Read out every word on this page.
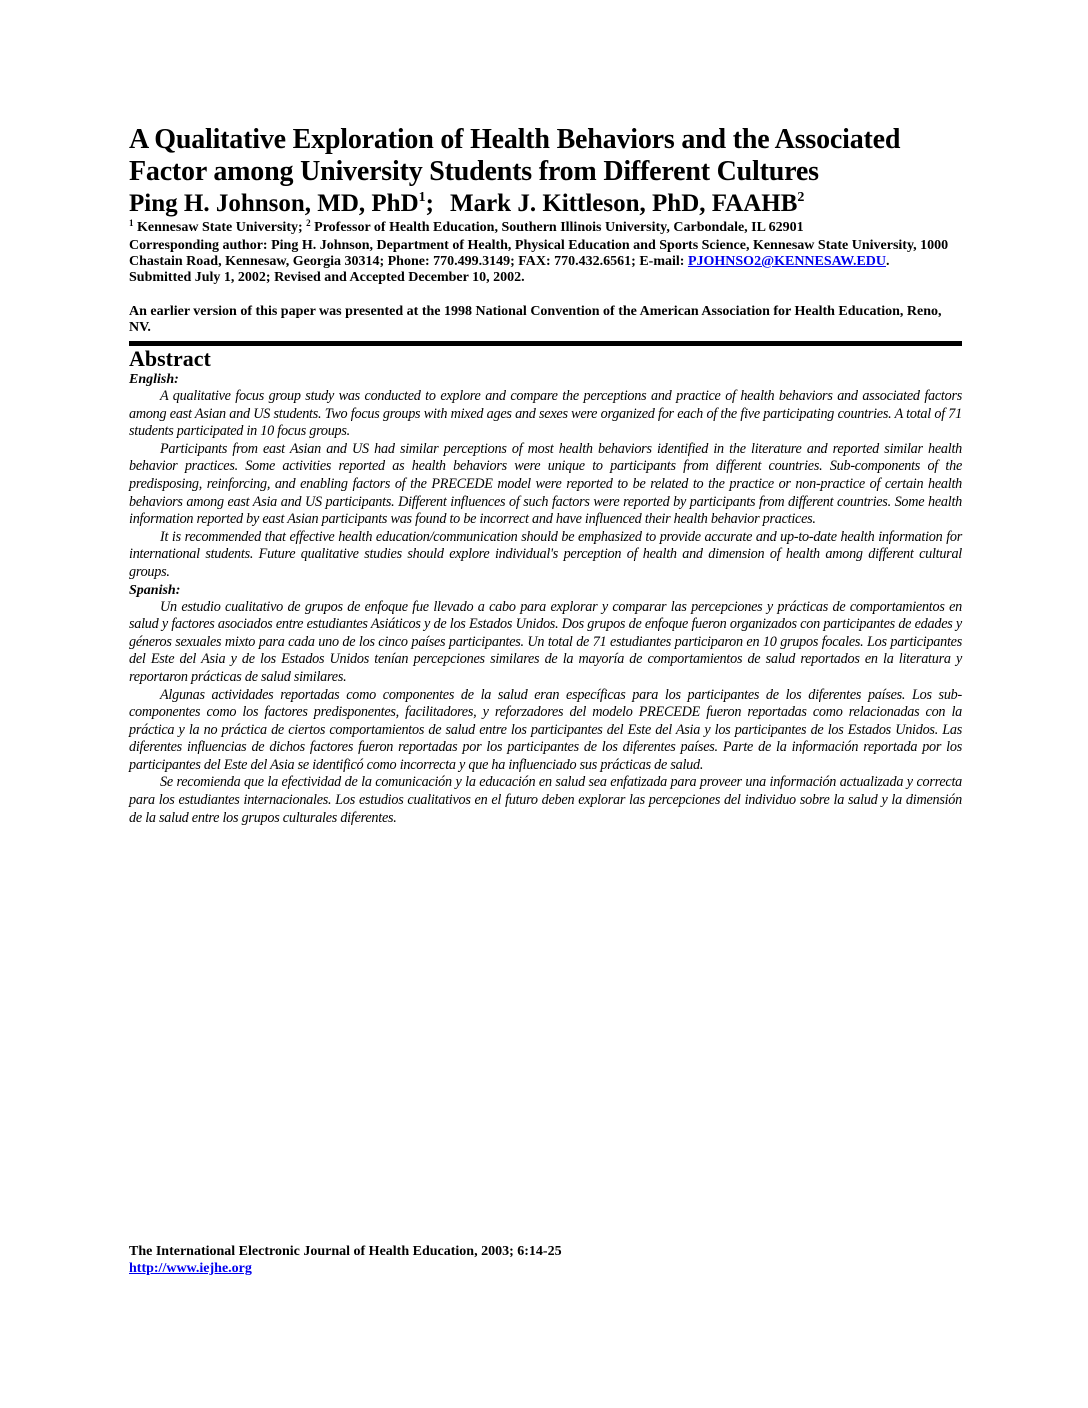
A Qualitative Exploration of Health Behaviors and the Associated Factor among University Students from Different Cultures
Ping H. Johnson, MD, PhD$^1$; Mark J. Kittleson, PhD, FAAHB$^2$
$^1$ Kennesaw State University; $^2$ Professor of Health Education, Southern Illinois University, Carbondale, IL 62901
Corresponding author: Ping H. Johnson, Department of Health, Physical Education and Sports Science, Kennesaw State University, 1000 Chastain Road, Kennesaw, Georgia 30314; Phone: 770.499.3149; FAX: 770.432.6561; E-mail: PJOHNSO2@KENNESAW.EDU.
Submitted July 1, 2002; Revised and Accepted December 10, 2002.
An earlier version of this paper was presented at the 1998 National Convention of the American Association for Health Education, Reno, NV.
Abstract
English:

A qualitative focus group study was conducted to explore and compare the perceptions and practice of health behaviors and associated factors among east Asian and US students. Two focus groups with mixed ages and sexes were organized for each of the five participating countries. A total of 71 students participated in 10 focus groups.

Participants from east Asian and US had similar perceptions of most health behaviors identified in the literature and reported similar health behavior practices. Some activities reported as health behaviors were unique to participants from different countries. Sub-components of the predisposing, reinforcing, and enabling factors of the PRECEDE model were reported to be related to the practice or non-practice of certain health behaviors among east Asia and US participants. Different influences of such factors were reported by participants from different countries. Some health information reported by east Asian participants was found to be incorrect and have influenced their health behavior practices.

It is recommended that effective health education/communication should be emphasized to provide accurate and up-to-date health information for international students. Future qualitative studies should explore individual's perception of health and dimension of health among different cultural groups.

Spanish:

Un estudio cualitativo de grupos de enfoque fue llevado a cabo para explorar y comparar las percepciones y prácticas de comportamientos en salud y factores asociados entre estudiantes Asiáticos y de los Estados Unidos. Dos grupos de enfoque fueron organizados con participantes de edades y géneros sexuales mixto para cada uno de los cinco países participantes. Un total de 71 estudiantes participaron en 10 grupos focales. Los participantes del Este del Asia y de los Estados Unidos tenían percepciones similares de la mayoría de comportamientos de salud reportados en la literatura y reportaron prácticas de salud similares.

Algunas actividades reportadas como componentes de la salud eran específicas para los participantes de los diferentes países. Los sub-componentes como los factores predisponentes, facilitadores, y reforzadores del modelo PRECEDE fueron reportadas como relacionadas con la práctica y la no práctica de ciertos comportamientos de salud entre los participantes del Este del Asia y los participantes de los Estados Unidos. Las diferentes influencias de dichos factores fueron reportadas por los participantes de los diferentes países. Parte de la información reportada por los participantes del Este del Asia se identificó como incorrecta y que ha influenciado sus prácticas de salud.

Se recomienda que la efectividad de la comunicación y la educación en salud sea enfatizada para proveer una información actualizada y correcta para los estudiantes internacionales. Los estudios cualitativos en el futuro deben explorar las percepciones del individuo sobre la salud y la dimensión de la salud entre los grupos culturales diferentes.

The International Electronic Journal of Health Education, 2003; 6:14-25
http://www.iejhe.org
